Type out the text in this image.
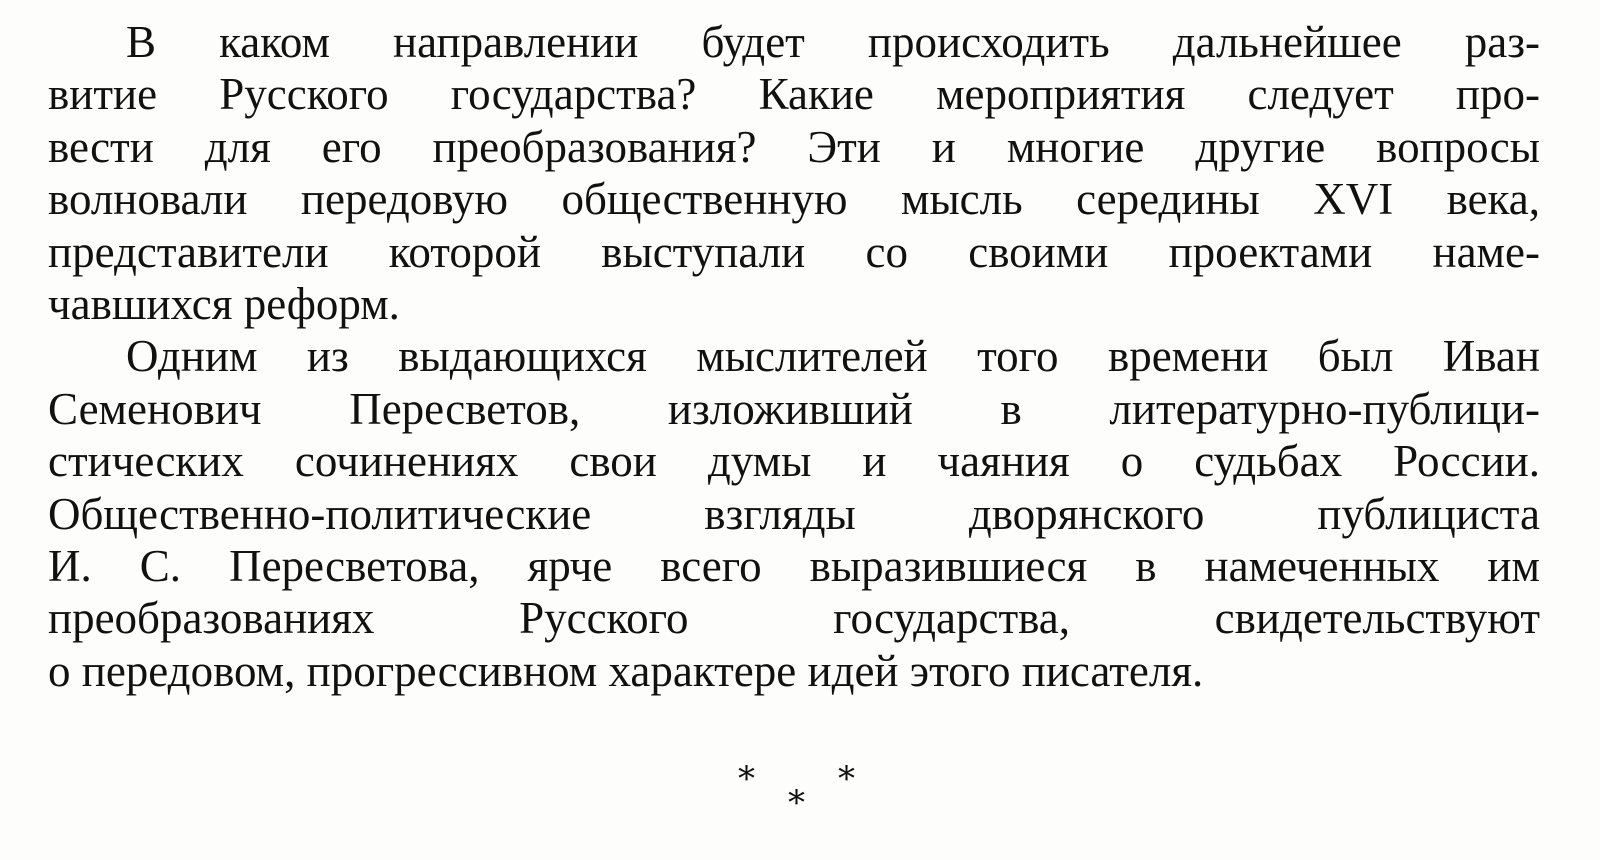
В каком направлении будет происходить дальнейшее раз-
витие Русского государства? Какие мероприятия следует про-
вести для его преобразования? Эти и многие другие вопросы
волновали передовую общественную мысль середины XVI века,
представители которой выступали со своими проектами наме-
чавшихся реформ.
Одним из выдающихся мыслителей того времени был Иван
Семенович Пересветов, изложивший в литературно-публици-
стических сочинениях свои думы и чаяния о судьбах России.
Общественно-политические взгляды дворянского публициста
И. С. Пересветова, ярче всего выразившиеся в намеченных им
преобразованиях Русского государства, свидетельствуют
о передовом, прогрессивном характере идей этого писателя.
* *
*
